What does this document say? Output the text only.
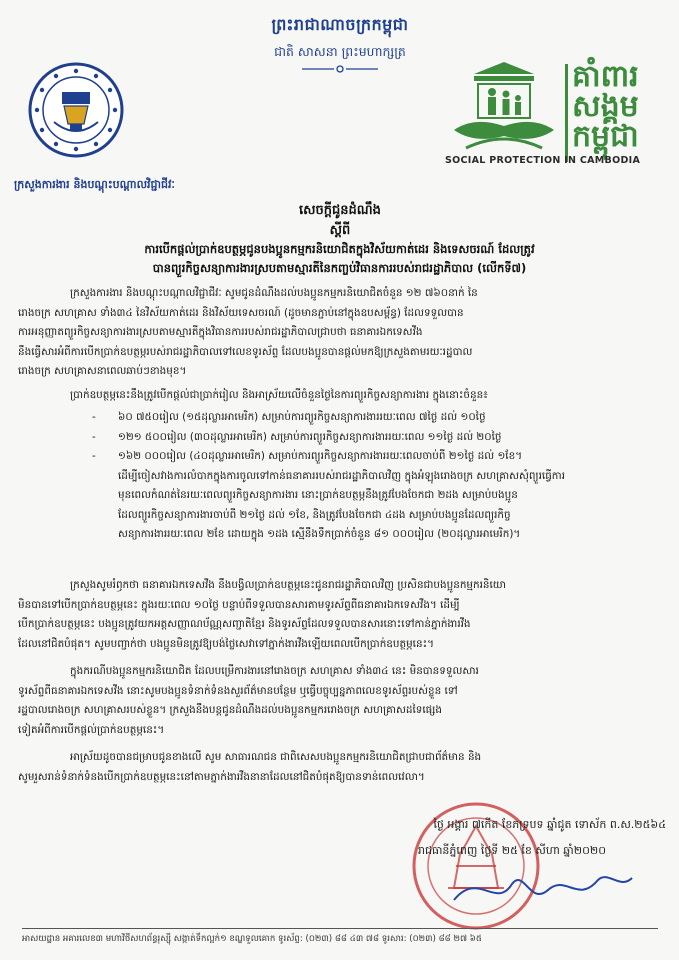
ព្រះរាជាណាចក្រកម្ពុជា
ជាតិ សាសនា ព្រះមហាក្សត្រ
គាំពារ
សង្គម
កម្ពុជា
SOCIAL PROTECTION IN CAMBODIA
ក្រសួងការងារ និងបណ្តុះបណ្តាលវិជ្ជាជីវៈ
សេចក្តីជូនដំណឹង
ស្តីពី
ការបើកផ្តល់ប្រាក់ឧបត្ថម្ភជូនបងប្អូនកម្មករនិយោជិតក្នុងវិស័យកាត់ដេរ និងទេសចរណ៍ ដែលត្រូវ
បានព្យួរកិច្ចសន្យាការងារស្របតាមស្មារតីនៃកញ្ចប់វិធានការរបស់រាជរដ្ឋាភិបាល (លើកទី៧)
ក្រសួងការងារ និងបណ្តុះបណ្តាលវិជ្ជាជីវៈ សូមជូនដំណឹងដល់បងប្អូនកម្មករនិយោជិតចំនួន ១២ ៧៦០នាក់ នៃ
រោងចក្រ សហគ្រាស ទាំង៣៤ នៃវិស័យកាត់ដេរ និងវិស័យទេសចរណ៍ (ដូចមានភ្ជាប់នៅក្នុងឧបសម្ព័ន្ធ) ដែលទទួលបាន
ការអនុញ្ញាតព្យួរកិច្ចសន្យាការងារស្របតាមស្មារតីក្នុងវិធានការរបស់រាជរដ្ឋាភិបាលជ្រាបថា ធនាគារឯកទេសវីង
នឹងធ្វើសារអំពីការបើកប្រាក់ឧបត្ថម្ភរបស់រាជរដ្ឋាភិបាលទៅលេខទូរស័ព្ទ ដែលបងប្អូនបានផ្តល់មកឱ្យក្រសួងតាមរយៈរដ្ឋបាល
រោងចក្រ សហគ្រាសនាពេលឆាប់ៗខាងមុខ។
ប្រាក់ឧបត្ថម្ភនេះនឹងត្រូវបើកផ្តល់ជាប្រាក់រៀល និងអាស្រ័យលើចំនួនថ្ងៃនៃការព្យួរកិច្ចសន្យាការងារ ក្នុងនោះចំនួន៖
-	៦០ ៧៥០រៀល (១៥ដុល្លារអាមេរិក) សម្រាប់ការព្យួរកិច្ចសន្យាការងាររយៈពេល ៧ថ្ងៃ ដល់ ១០ថ្ងៃ
-	១២១ ៥០០រៀល (៣០ដុល្លារអាមេរិក) សម្រាប់ការព្យួរកិច្ចសន្យាការងាររយៈពេល ១១ថ្ងៃ ដល់ ២០ថ្ងៃ
-	១៦២ ០០០រៀល (៤០ដុល្លារអាមេរិក) សម្រាប់ការព្យួរកិច្ចសន្យាការងាររយៈពេលចាប់ពី ២១ថ្ងៃ ដល់ ១ខែ។
ដើម្បីចៀសវាងការលំបាកក្នុងការចូលទៅកាន់ធនាគាររបស់រាជរដ្ឋាភិបាលវិញ ក្នុងអំឡុងរោងចក្រ សហគ្រាសសុំព្យួរធ្វើការ
មុនពេលកំណត់នៃរយៈពេលព្យួរកិច្ចសន្យាការងារ នោះប្រាក់ឧបត្ថម្ភនឹងត្រូវបែងចែកជា ២ដង សម្រាប់បងប្អូន
ដែលព្យួរកិច្ចសន្យាការងារចាប់ពី ២១ថ្ងៃ ដល់ ១ខែ, និងត្រូវបែងចែកជា ៤ដង សម្រាប់បងប្អូនដែលព្យួរកិច្ច
សន្យាការងាររយៈពេល ២ខែ ដោយក្នុង ១ដង ស្មើនឹងទឹកប្រាក់ចំនួន ៨១ ០០០រៀល (២០ដុល្លារអាមេរិក)។
ក្រសួងសូមរំឭកថា ធនាគារឯកទេសវីង នឹងបង្វិលប្រាក់ឧបត្ថម្ភនេះជូនរាជរដ្ឋាភិបាលវិញ ប្រសិនជាបងប្អូនកម្មករនិយោ
មិនបានទៅបើកប្រាក់ឧបត្ថម្ភនេះ ក្នុងរយៈពេល ១០ថ្ងៃ បន្ទាប់ពីទទួលបានសារតាមទូរស័ព្ទពីធនាគារឯកទេសវីង។ ដើម្បី
បើកប្រាក់ឧបត្ថម្ភនេះ បងប្អូនត្រូវយកអត្តសញ្ញាណប័ណ្ណសញ្ជាតិខ្មែរ និងទូរស័ព្ទដែលទទួលបានសារនោះទៅកាន់ភ្នាក់ងារវីង
ដែលនៅជិតបំផុត។ សូមបញ្ជាក់ថា បងប្អូនមិនត្រូវឱ្យបង់ថ្លៃសេវាទៅភ្នាក់ងារវីងឡើយពេលបើកប្រាក់ឧបត្ថម្ភនេះ។
ក្នុងករណីបងប្អូនកម្មករនិយោជិត ដែលបម្រើការងារនៅរោងចក្រ សហគ្រាស ទាំង៣៤ នេះ មិនបានទទួលសារ
ទូរស័ព្ទពីធនាគារឯកទេសវីង នោះសូមបងប្អូនទំនាក់ទំនងសួរព័ត៌មានបន្ថែម ឬធ្វើបច្ចុប្បន្នភាពលេខទូរស័ព្ទរបស់ខ្លួន ទៅ
រដ្ឋបាលរោងចក្រ សហគ្រាសរបស់ខ្លួន។ ក្រសួងនឹងបន្តជូនដំណឹងដល់បងប្អូនកម្មកររោងចក្រ សហគ្រាសដទៃផ្សេង
ទៀតអំពីការបើកផ្តល់ប្រាក់ឧបត្ថម្ភនេះ។
អាស្រ័យដូចបានជម្រាបជូនខាងលើ សូម សាធារណជន ជាពិសេសបងប្អូនកម្មករនិយោជិតជ្រាបជាព័ត៌មាន និង
សូមរួសរាន់ទំនាក់ទំនងបើកប្រាក់ឧបត្ថម្ភនេះនៅតាមភ្នាក់ងារវីងនានាដែលនៅជិតបំផុតឱ្យបានទាន់ពេលវេលា។
ថ្ងៃ អង្គារ ៧កើត ខែភទ្របទ ឆ្នាំជូត ទោស័ក ព.ស.២៥៦៤
រាជធានីភ្នំពេញ ថ្ងៃទី ២៥ ខែ សីហា ឆ្នាំ២០២០
អាសយដ្ឋាន អគារលេខ៣ មហាវិថីសហព័ន្ធរុស្ស៊ី សង្កាត់ទឹកល្អក់១ ខណ្ឌទួលគោក ទូរស័ព្ទ: (០២៣) ៨៨ ៤៣ ៧៨ ទូរសារ: (០២៣) ៨៨ ២៧ ៦៥
